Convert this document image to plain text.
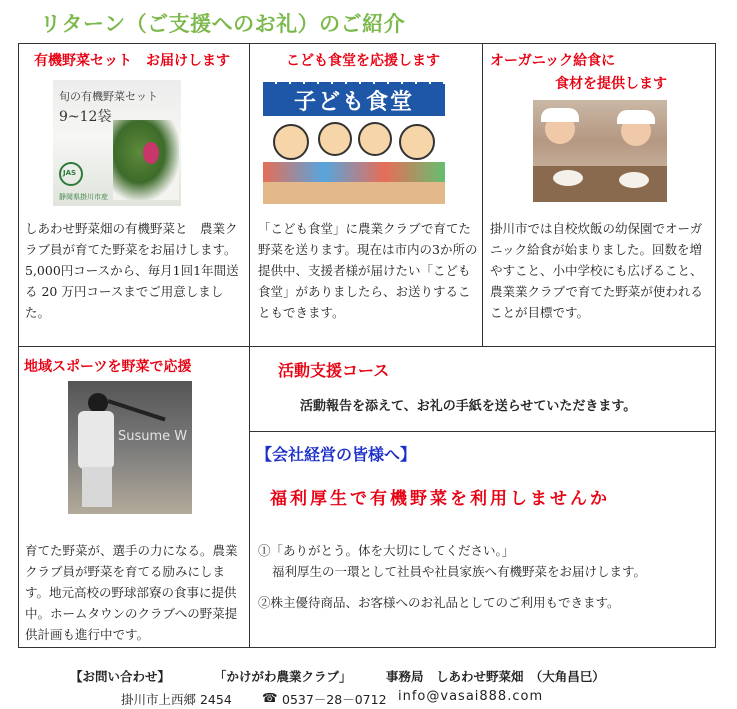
リターン（ご支援へのお礼）のご紹介
有機野菜セット　お届けします
旬の有機野菜セット
9~12袋
JAS
静岡県掛川市産
しあわせ野菜畑の有機野菜と　農業クラブ員が育てた野菜をお届けします。5,000円コースから、毎月1回1年間送る 20 万円コースまでご用意しました。
こども食堂を応援します
子ども食堂
「こども食堂」に農業クラブで育てた野菜を送ります。現在は市内の3か所の提供中、支援者様が届けたい「こども食堂」がありましたら、お送りすることもできます。
オーガニック給食に
食材を提供します
掛川市では自校炊飯の幼保園でオーガニック給食が始まりました。回数を増やすこと、小中学校にも広げること、農業業クラブで育てた野菜が使われることが目標です。
地域スポーツを野菜で応援
Susume W
育てた野菜が、選手の力になる。農業クラブ員が野菜を育てる励みにします。地元高校の野球部寮の食事に提供中。ホームタウンのクラブへの野菜提供計画も進行中です。
活動支援コース
活動報告を添えて、お礼の手紙を送らせていただきます。
【会社経営の皆様へ】
福利厚生で有機野菜を利用しませんか
①「ありがとう。体を大切にしてください。」
福利厚生の一環として社員や社員家族へ有機野菜をお届けします。
②株主優待商品、お客様へのお礼品としてのご利用もできます。
【お問い合わせ】	「かけがわ農業クラブ」	事務局　しあわせ野菜畑　（大角昌巳）
掛川市上西郷 2454 ☎ 0537－28－0712 info@vasai888.com
